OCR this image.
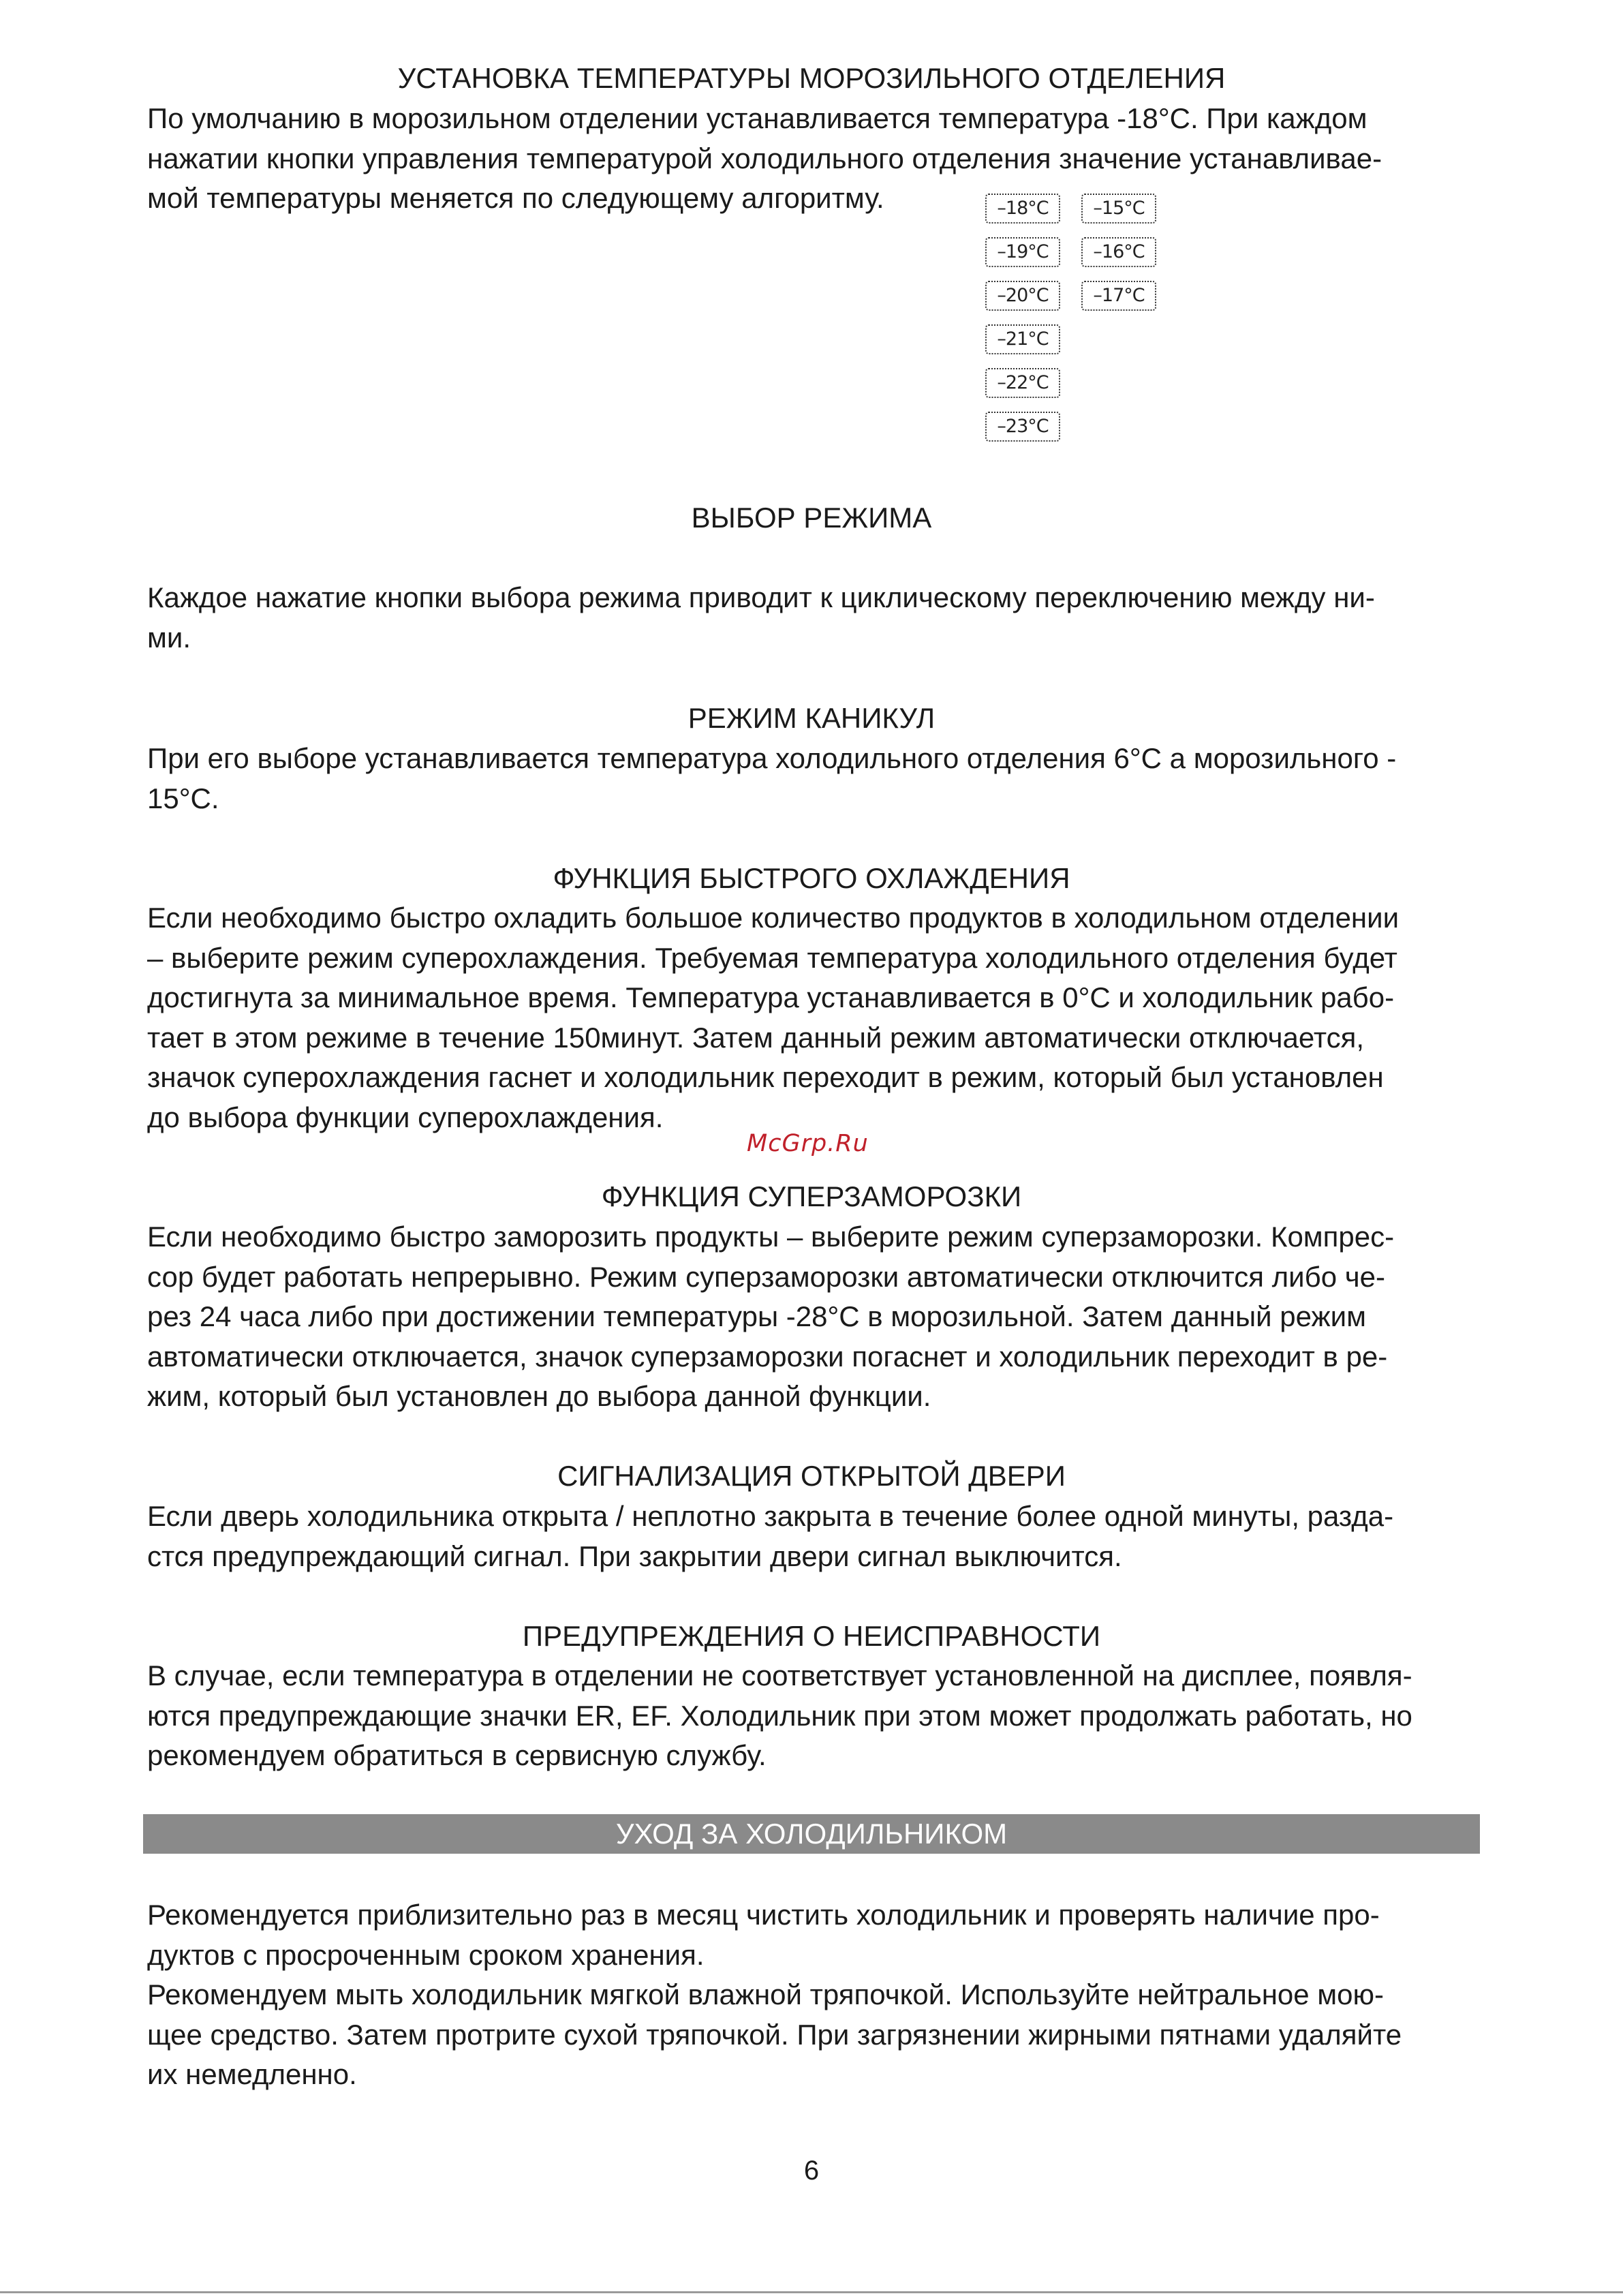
УСТАНОВКА ТЕМПЕРАТУРЫ МОРОЗИЛЬНОГО ОТДЕЛЕНИЯ
По умолчанию в морозильном отделении устанавливается температура -18°C. При каждом
нажатии кнопки управления температурой холодильного отделения значение устанавливае-
мой температуры меняется по следующему алгоритму.	–18°C
–19°C
–20°C
–21°C
–22°C
–23°C
–15°C
–16°C
–17°C
ВЫБОР РЕЖИМА
Каждое нажатие кнопки выбора режима приводит к циклическому переключению между ни-
ми.
РЕЖИМ КАНИКУЛ
При его выборе устанавливается температура холодильного отделения 6°C а морозильного -
15°C.
ФУНКЦИЯ БЫСТРОГО ОХЛАЖДЕНИЯ
Если необходимо быстро охладить большое количество продуктов в холодильном отделении
– выберите режим суперохлаждения. Требуемая температура холодильного отделения будет
достигнута за минимальное время. Температура устанавливается в 0°C и холодильник рабо-
тает в этом режиме в течение 150минут. Затем данный режим автоматически отключается,
значок суперохлаждения гаснет и холодильник переходит в режим, который был установлен
до выбора функции суперохлаждения.
McGrp.Ru
ФУНКЦИЯ СУПЕРЗАМОРОЗКИ
Если необходимо быстро заморозить продукты – выберите режим суперзаморозки. Компрес-
сор будет работать непрерывно. Режим суперзаморозки автоматически отключится либо че-
рез 24 часа либо при достижении температуры -28°C в морозильной. Затем данный режим
автоматически отключается, значок суперзаморозки погаснет и холодильник переходит в ре-
жим, который был установлен до выбора данной функции.
СИГНАЛИЗАЦИЯ ОТКРЫТОЙ ДВЕРИ
Если дверь холодильника открыта / неплотно закрыта в течение более одной минуты, разда-
стся предупреждающий сигнал. При закрытии двери сигнал выключится.
ПРЕДУПРЕЖДЕНИЯ О НЕИСПРАВНОСТИ
В случае, если температура в отделении не соответствует установленной на дисплее, появля-
ются предупреждающие значки ER, EF. Холодильник при этом может продолжать работать, но
рекомендуем обратиться в сервисную службу.
УХОД ЗА ХОЛОДИЛЬНИКОМ
Рекомендуется приблизительно раз в месяц чистить холодильник и проверять наличие про-
дуктов с просроченным сроком хранения.
Рекомендуем мыть холодильник мягкой влажной тряпочкой. Используйте нейтральное мою-
щее средство. Затем протрите сухой тряпочкой. При загрязнении жирными пятнами удаляйте
их немедленно.
6
